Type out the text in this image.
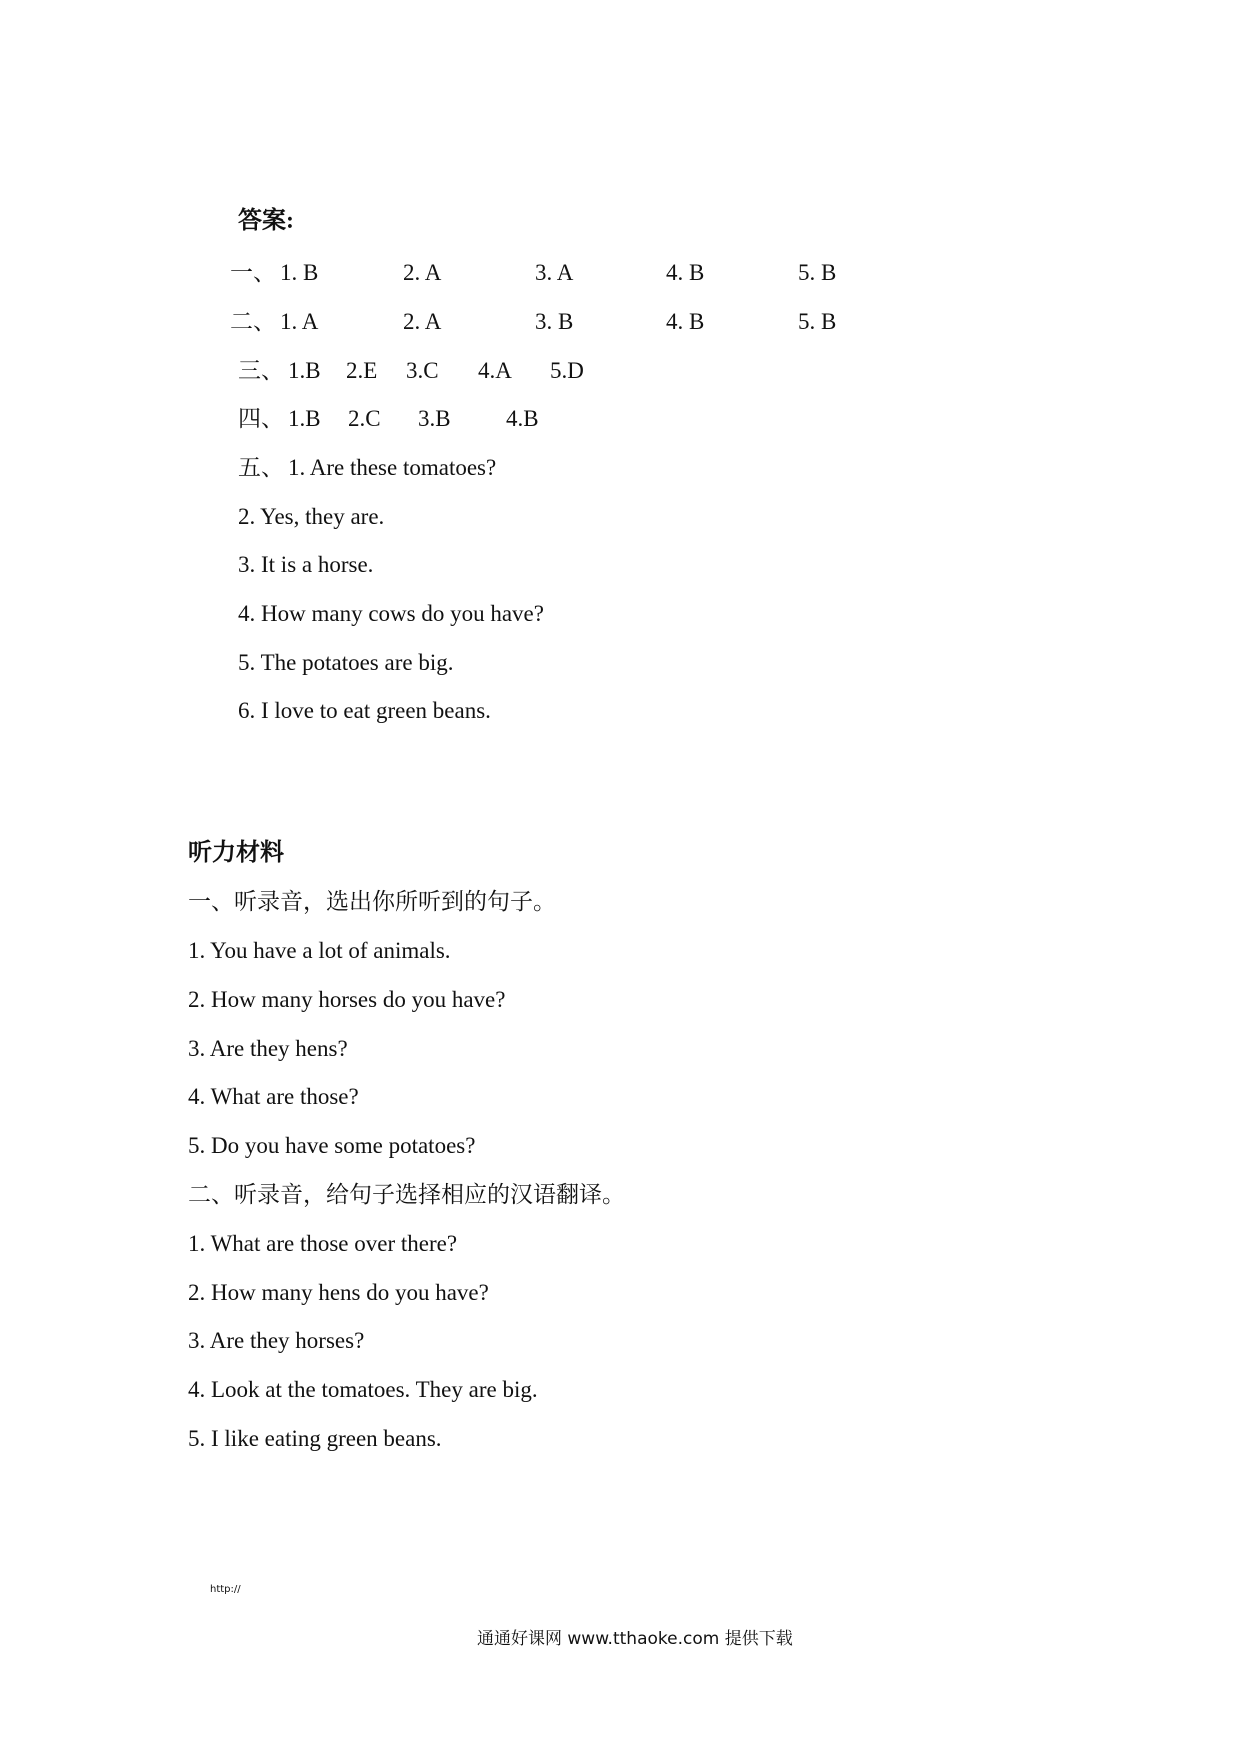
答案:
一、 1. B	2. A	3. A	4. B	5. B
二、 1. A	2. A	3. B	4. B	5. B
三、 1.B 2.E 3.C 4.A 5.D
四、 1.B 2.C 3.B 4.B
五、 1. Are these tomatoes?
2. Yes, they are.
3. It is a horse.
4. How many cows do you have?
5. The potatoes are big.
6. I love to eat green beans.
听力材料
一、听录音，选出你所听到的句子。
1. You have a lot of animals.
2. How many horses do you have?
3. Are they hens?
4. What are those?
5. Do you have some potatoes?
二、听录音，给句子选择相应的汉语翻译。
1. What are those over there?
2. How many hens do you have?
3. Are they horses?
4. Look at the tomatoes. They are big.
5. I like eating green beans.
http://
通通好课网 www.tthaoke.com 提供下载
